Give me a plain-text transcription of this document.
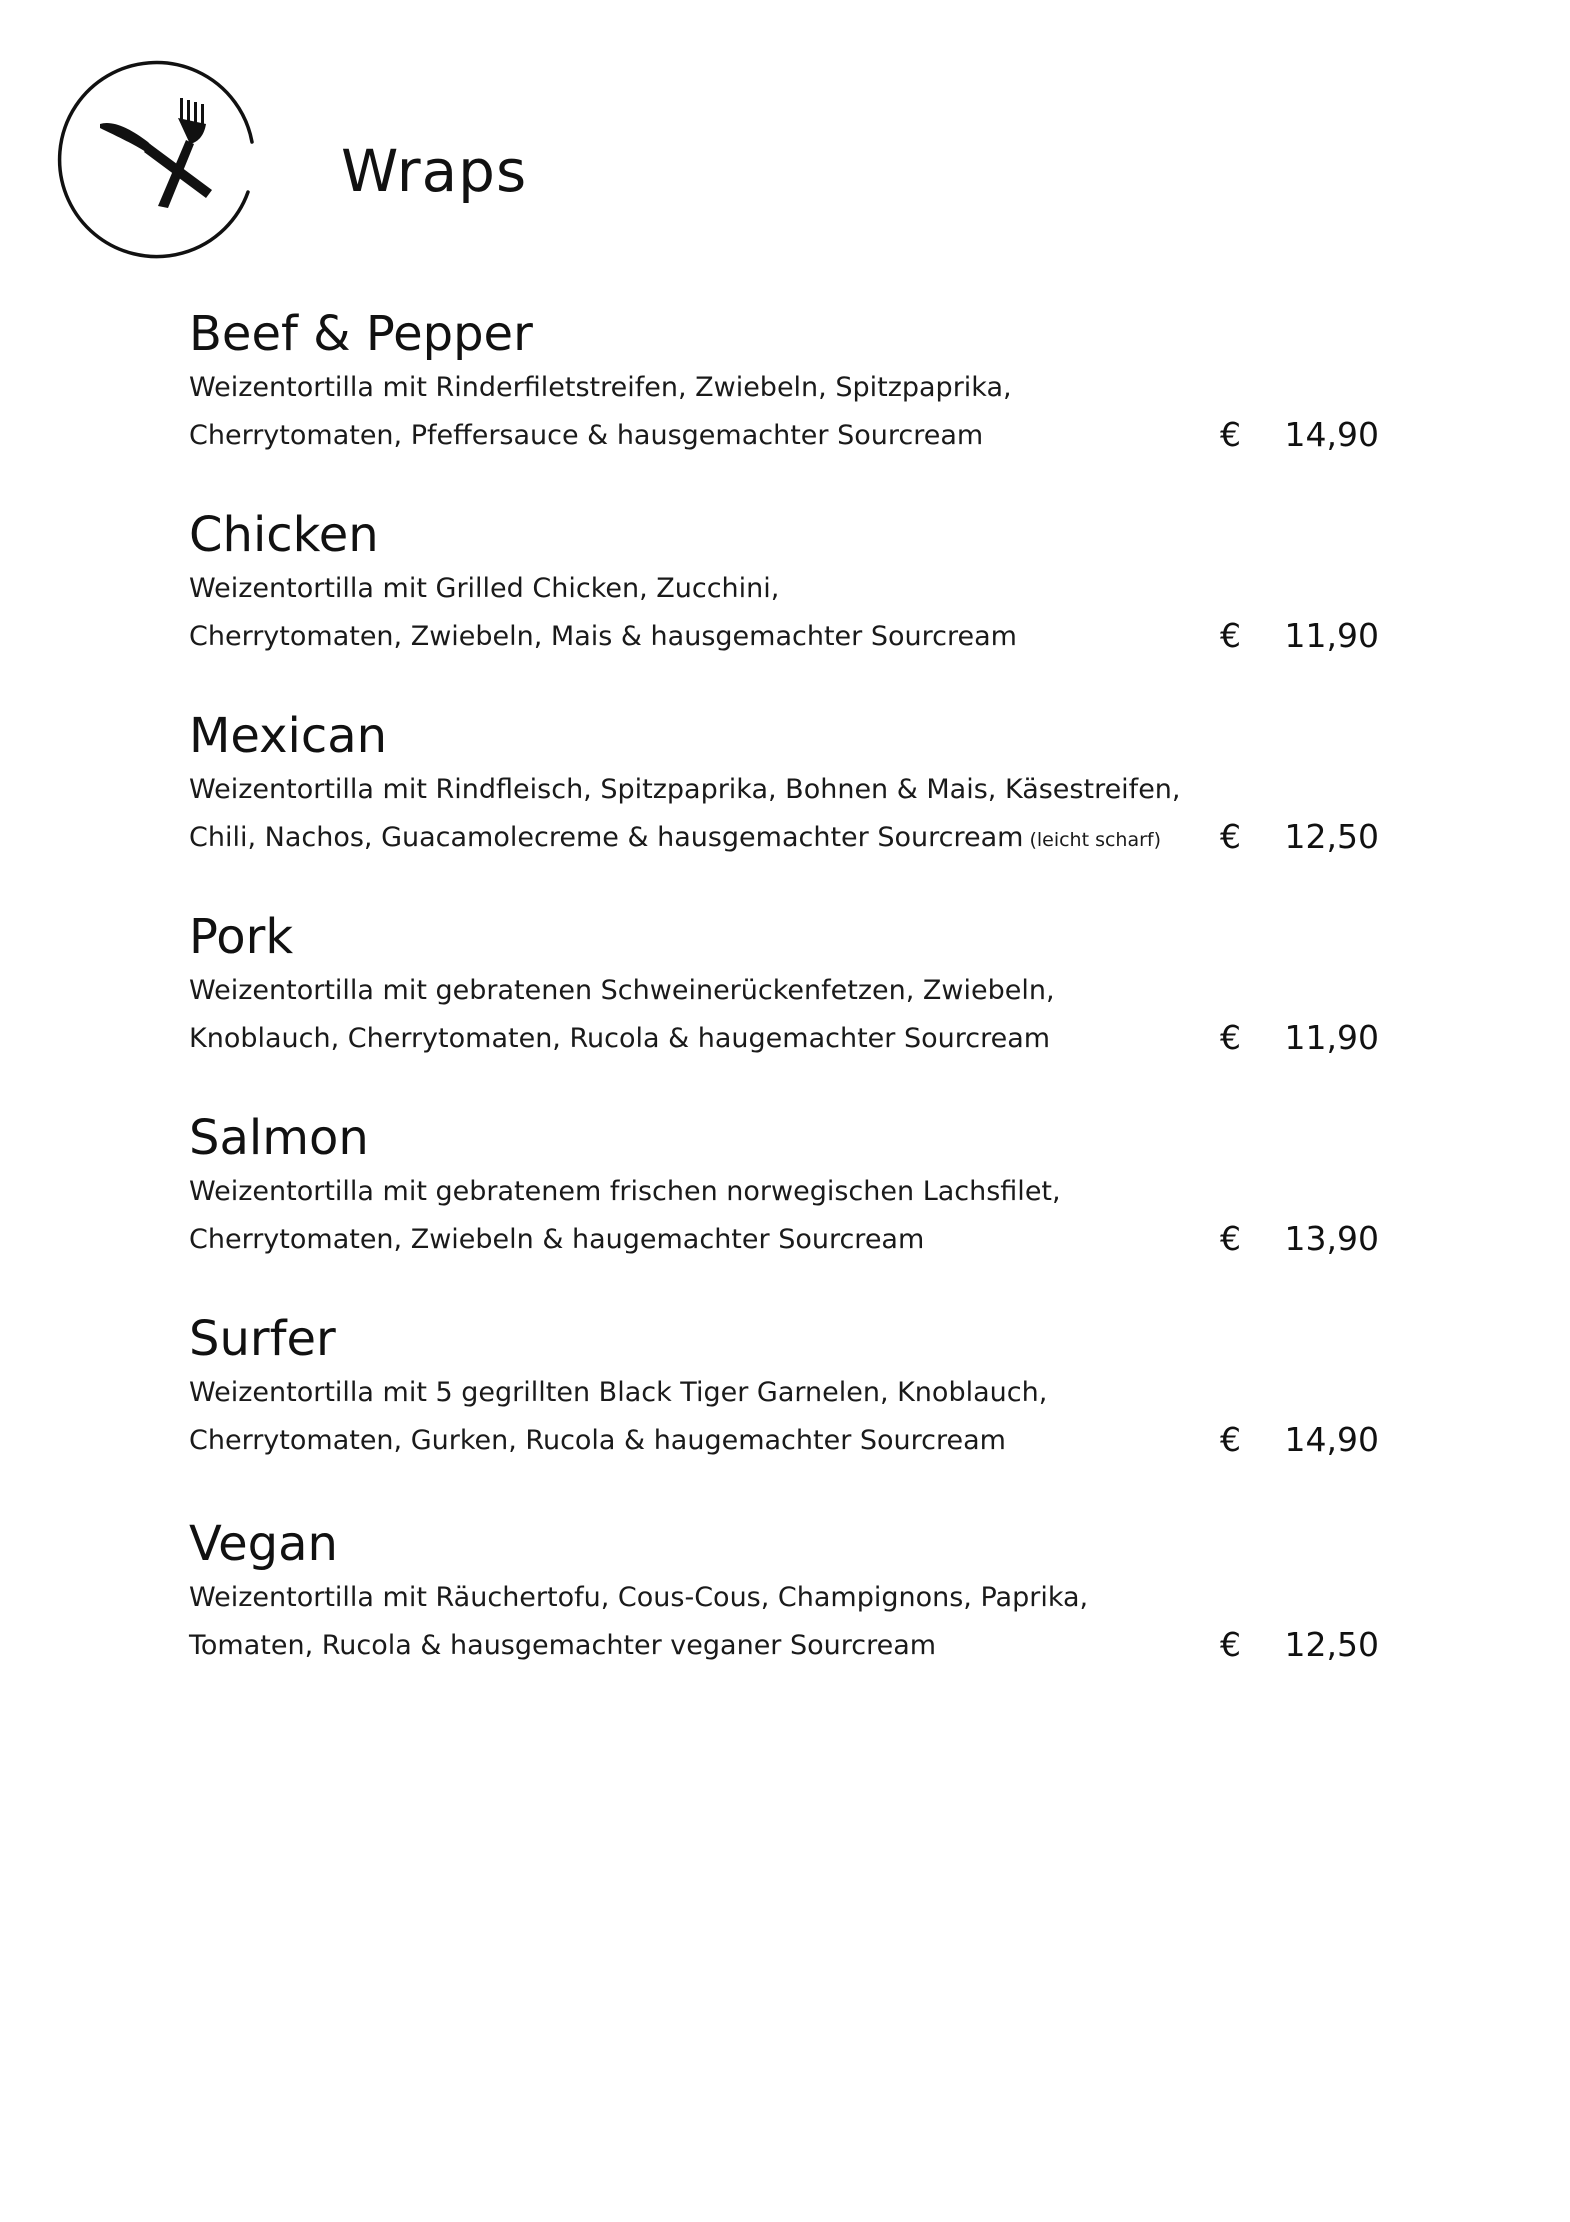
Wraps
Beef & Pepper
Weizentortilla mit Rinderfiletstreifen, Zwiebeln, Spitzpaprika,
Cherrytomaten, Pfeffersauce & hausgemachter Sourcream	€	14,90
Chicken
Weizentortilla mit Grilled Chicken, Zucchini,
Cherrytomaten, Zwiebeln, Mais & hausgemachter Sourcream	€	11,90
Mexican
Weizentortilla mit Rindfleisch, Spitzpaprika, Bohnen & Mais, Käsestreifen,
Chili, Nachos, Guacamolecreme & hausgemachter Sourcream (leicht scharf) €	12,50
Pork
Weizentortilla mit gebratenen Schweinerückenfetzen, Zwiebeln,
Knoblauch, Cherrytomaten, Rucola & haugemachter Sourcream	€	11,90
Salmon
Weizentortilla mit gebratenem frischen norwegischen Lachsfilet,
Cherrytomaten, Zwiebeln & haugemachter Sourcream	€	13,90
Surfer
Weizentortilla mit 5 gegrillten Black Tiger Garnelen, Knoblauch,
Cherrytomaten, Gurken, Rucola & haugemachter Sourcream	€	14,90
Vegan
Weizentortilla mit Räuchertofu, Cous-Cous, Champignons, Paprika,
Tomaten, Rucola & hausgemachter veganer Sourcream	€	12,50
